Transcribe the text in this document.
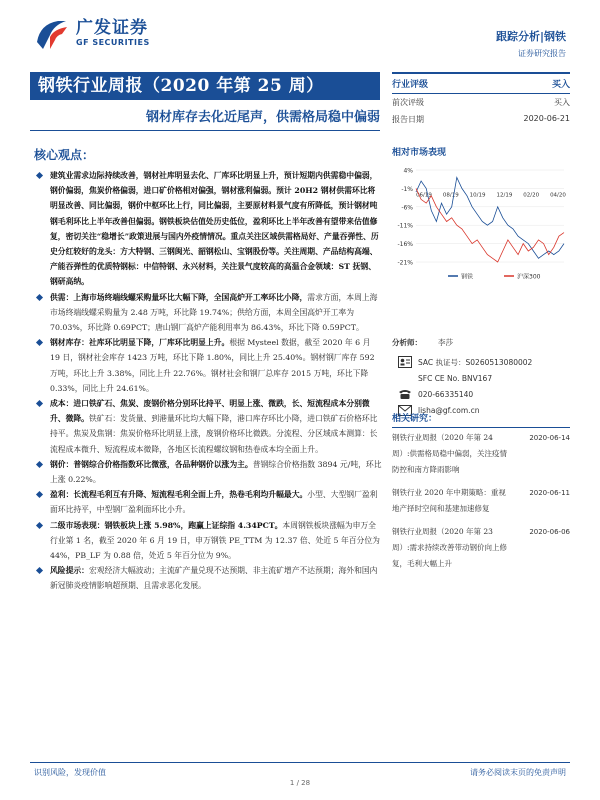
广发证券
GF SECURITIES	跟踪分析|钢铁
证券研究报告
钢铁行业周报（2020 年第 25 周）
钢材库存去化近尾声，供需格局稳中偏弱
核心观点：
建筑业需求边际持续改善，钢材社库明显去化、厂库环比明显上升，预计短期内供需稳中偏弱，钢价偏弱，焦炭价格偏弱，进口矿价格相对偏强，钢材涨利偏弱。预计 20H2 钢材供需环比将明显改善、同比偏弱，钢价中枢环比上行，同比偏弱，主要原材料景气度有所降低，预计钢材吨钢毛利环比上半年改善但偏弱。钢铁板块估值处历史低位，盈利环比上半年改善有望带来估值修复，密切关注“稳增长”政策进展与国内外疫情情况。重点关注区域供需格局好、产量吞弹性、历史分红较好的龙头：方大特钢、三钢闽光、韶钢松山、宝钢股份等。关注周期、产品结构高端、产能吞弹性的优质特钢标：中信特钢、永兴材料，关注景气度较高的高温合金领域：ST 抚钢、钢研高纳。
供需：上海市场终端线螺采购量环比大幅下降，全国高炉开工率环比小降，需求方面，本周上海市场终端线螺采购量为 2.48 万吨，环比降 19.74%；供给方面，本周全国高炉开工率为 70.03%，环比降 0.69PCT；唐山钢厂高炉产能利用率为 86.43%，环比下降 0.59PCT。
钢材库存：社库环比明显下降，厂库环比明显上升。根据 Mysteel 数据，截至 2020 年 6 月 19 日，钢材社会库存 1423 万吨，环比下降 1.80%，同比上升 25.40%。钢材钢厂库存 592 万吨，环比上升 3.38%，同比上升 22.76%。钢材社会和钢厂总库存 2015 万吨，环比下降 0.33%，同比上升 24.61%。
成本：进口铁矿石、焦炭、废钢价格分别环比持平、明显上涨、微跌，长、短流程成本分别微升、微降。铁矿石：发货量、到港量环比均大幅下降，港口库存环比小降，进口铁矿石价格环比持平。焦炭及焦钢：焦炭价格环比明显上涨，废钢价格环比微跌。分流程、分区域成本测算：长流程成本微升、短流程成本微降，各地区长流程螺纹钢和热卷成本均全面上升。
钢价：普钢综合价格指数环比微涨，各品种钢价以涨为主。普钢综合价格指数 3894 元/吨，环比上涨 0.22%。
盈利：长流程毛利互有升降、短流程毛利全面上升，热卷毛利均升幅最大。小型、大型钢厂盈利面环比持平，中型钢厂盈利面环比小升。
二级市场表现：钢铁板块上涨 5.98%，跑赢上证综指 4.34PCT。本周钢铁板块涨幅为申万全行业第 1 名，截至 2020 年 6 月 19 日，申万钢铁 PE_TTM 为 12.37 倍、处近 5 年百分位为 44%，PB_LF 为 0.88 倍，处近 5 年百分位为 9%。
风险提示：宏观经济大幅波动；主流矿产量兑现不达预期、非主流矿增产不达预期；海外和国内新冠肺炎疫情影响超预期、且需求恶化发展。
行业评级	买入
前次评级	买入
报告日期	2020-06-21
相对市场表现
4%
-1%
-6%
-11%
-16%
-21%
06/19 08/19 10/19 12/19 02/20 04/20
钢铁	沪深300
分析师：	李莎
SAC 执证号：S0260513080002
SFC CE No. BNV167
020-66335140
lisha@gf.com.cn
相关研究：
钢铁行业周报（2020 年第 24 周）:供需格局稳中偏弱，关注疫情防控和南方降雨影响
2020-06-14
钢铁行业 2020 年中期策略：重视地产择时空间和基建加速修复
2020-06-11
钢铁行业周报（2020 年第 23 周）:需求持续改善带动钢价向上修复，毛利大幅上升
2020-06-06
识别风险，发现价值	请务必阅读末页的免责声明
1 / 28
